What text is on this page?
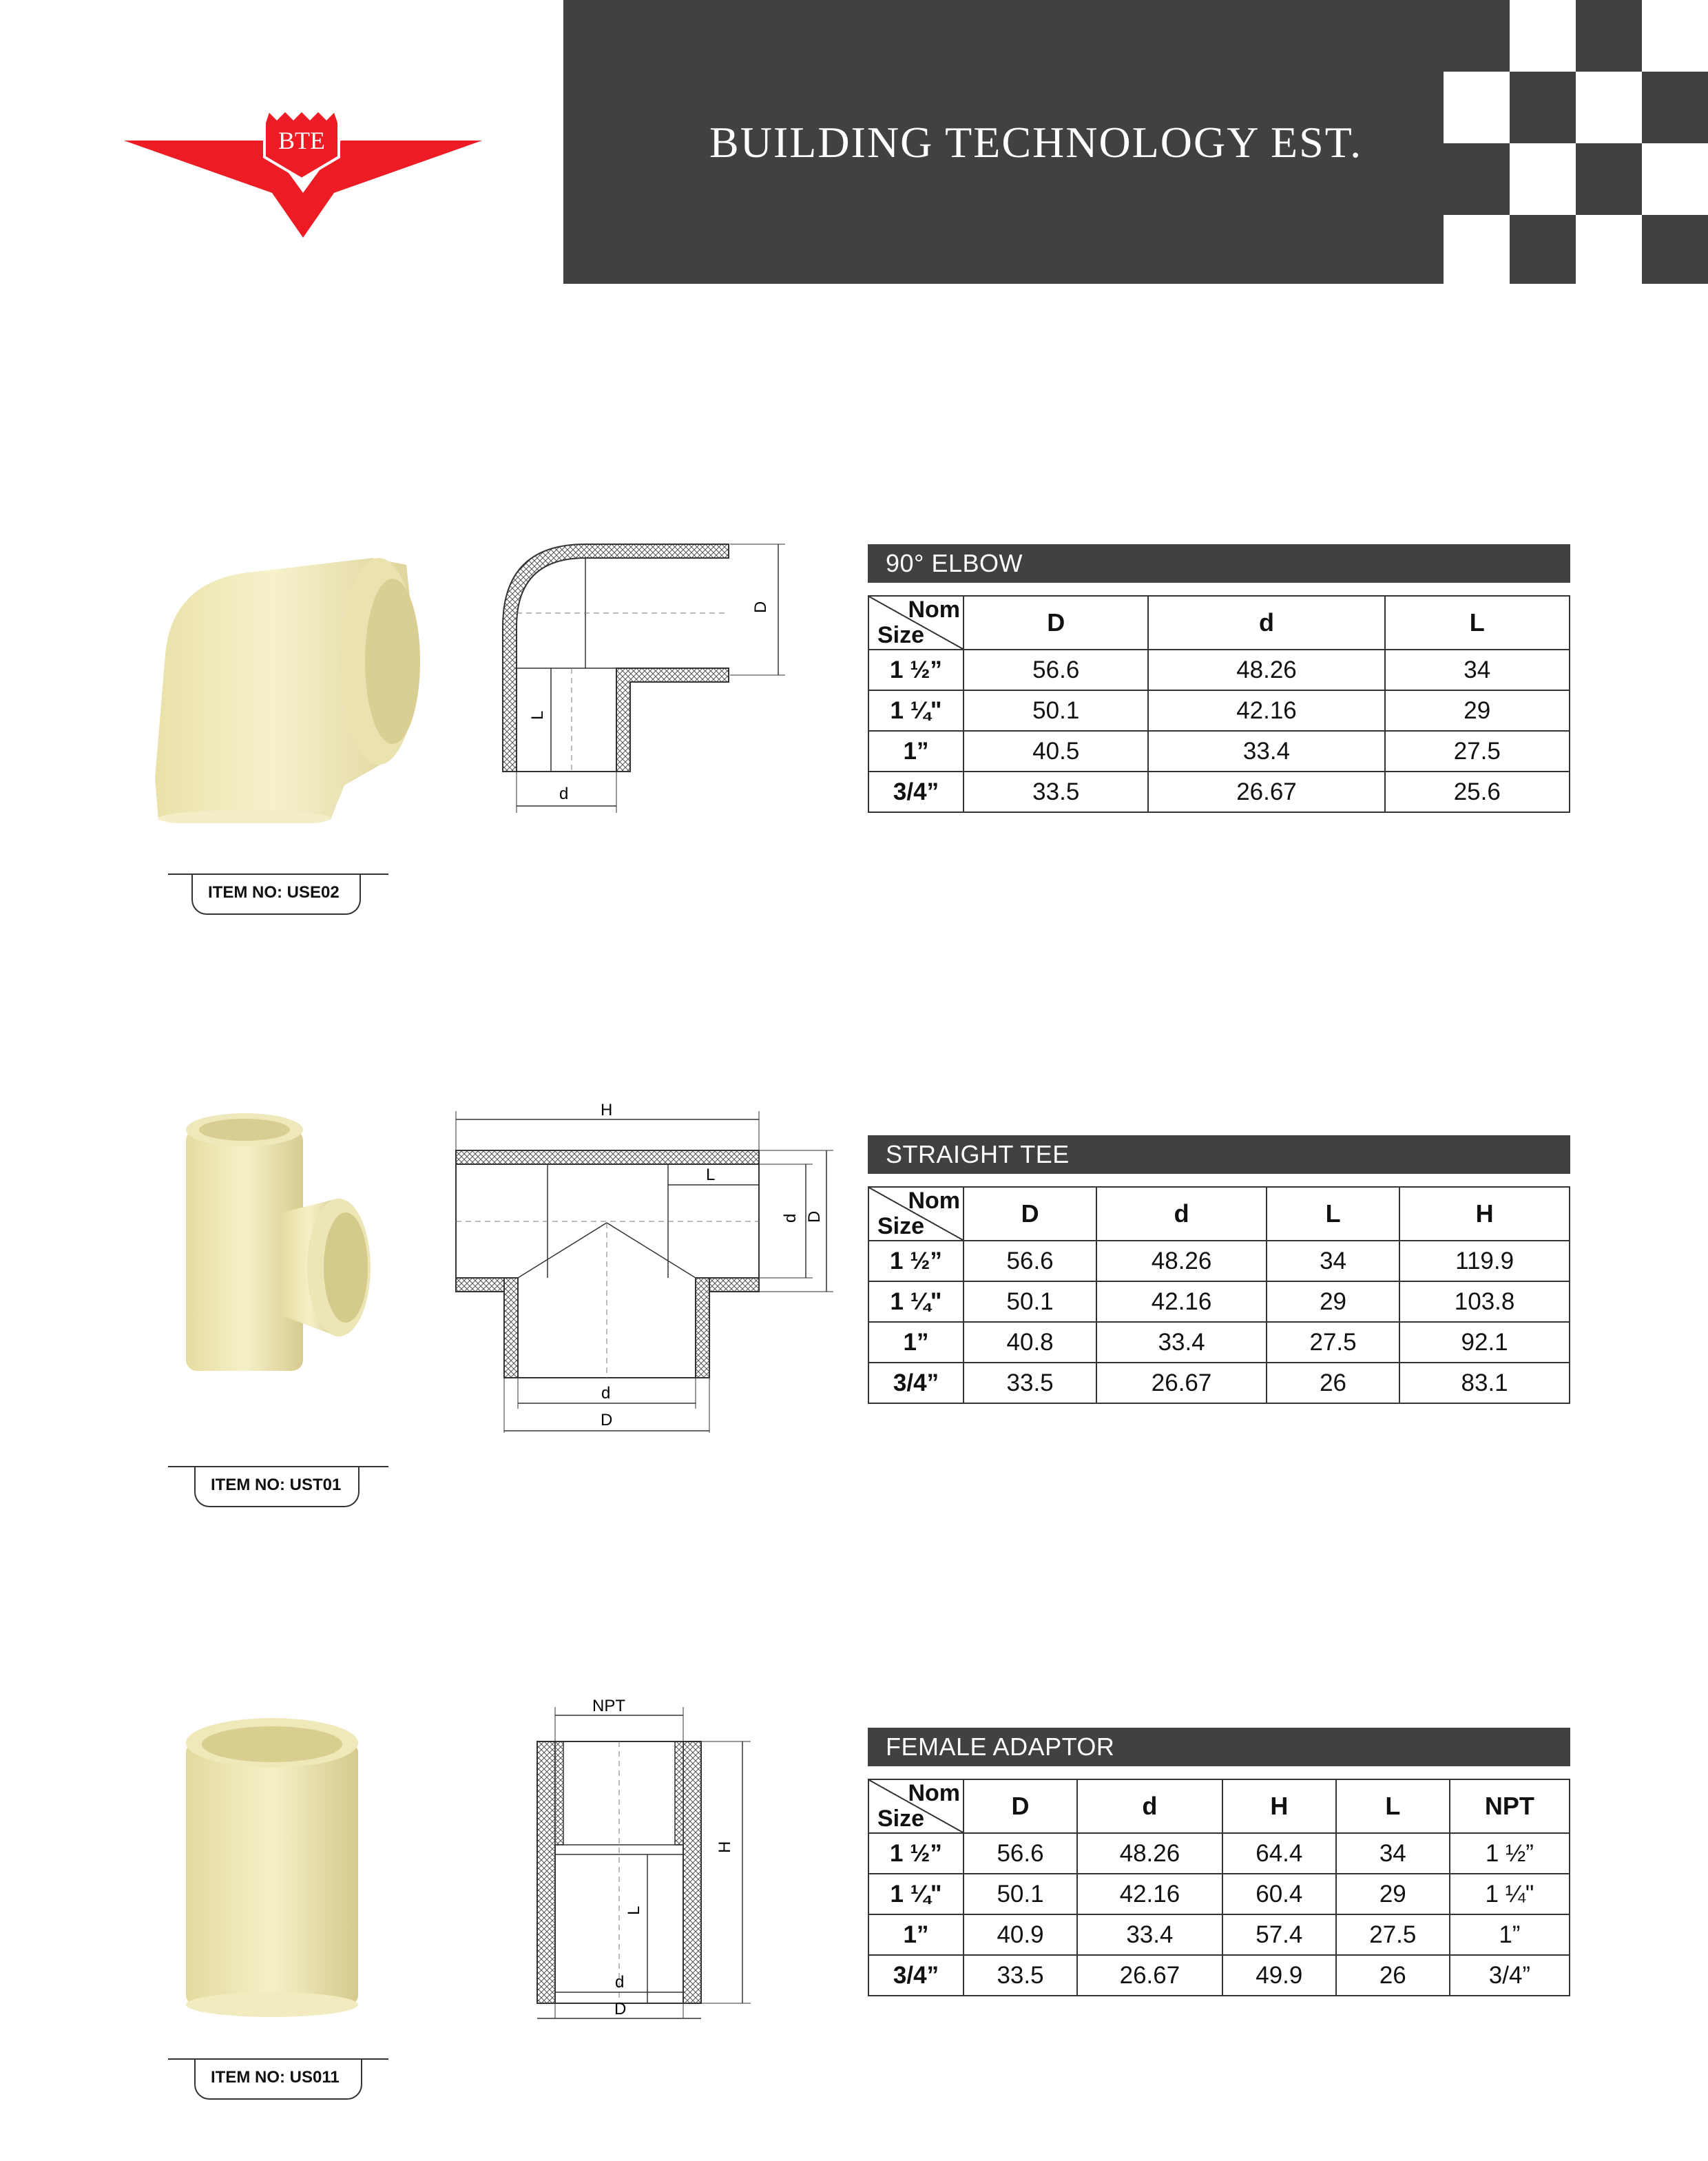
BUILDING TECHNOLOGY EST.
BTE
D
L
d
ITEM NO: USE02
90° ELBOW
Nom
Size	D	d	L
1 ½”	56.6	48.26	34
1 ¼"	50.1	42.16	29
1”	40.5	33.4	27.5
3/4”	33.5	26.67	25.6
H
L
d D
d
D
ITEM NO: UST01
STRAIGHT TEE
Nom
Size	D	d	L	H
1 ½”	56.6	48.26	34	119.9
1 ¼"	50.1	42.16	29	103.8
1”	40.8	33.4	27.5	92.1
3/4”	33.5	26.67	26	83.1
NPT
H
L
d
D
ITEM NO: US011
FEMALE ADAPTOR
Nom
Size	D	d	H	L	NPT
1 ½”	56.6	48.26	64.4	34	1 ½”
1 ¼"	50.1	42.16	60.4	29	1 ¼"
1”	40.9	33.4	57.4	27.5	1”
3/4”	33.5	26.67	49.9	26	3/4”
